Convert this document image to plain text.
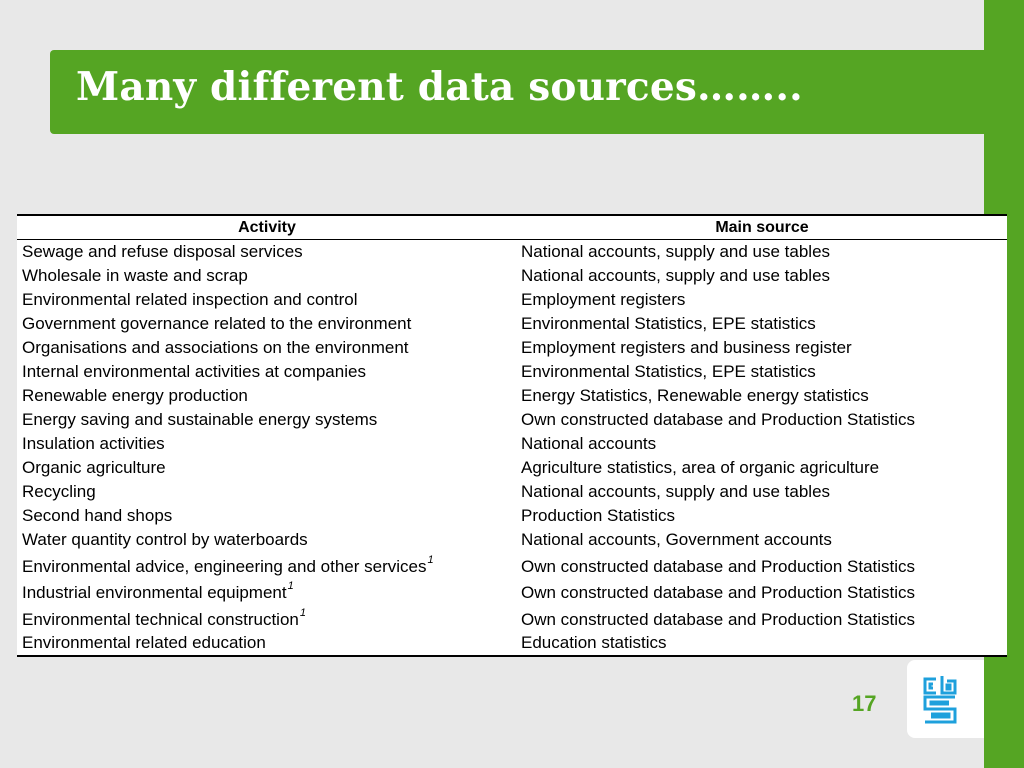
Many different data sources……..
Activity	Main source
Sewage and refuse disposal services	National accounts, supply and use tables
Wholesale in waste and scrap	National accounts, supply and use tables
Environmental related inspection and control	Employment registers
Government governance related to the environment	Environmental Statistics, EPE statistics
Organisations and associations on the environment	Employment registers and business register
Internal environmental activities at companies	Environmental Statistics, EPE statistics
Renewable energy production	Energy Statistics, Renewable energy statistics
Energy saving and sustainable energy systems	Own constructed database and Production Statistics
Insulation activities	National accounts
Organic agriculture	Agriculture statistics, area of organic agriculture
Recycling	National accounts, supply and use tables
Second hand shops	Production Statistics
Water quantity control by waterboards	National accounts, Government accounts
Environmental advice, engineering and other services$^1$	Own constructed database and Production Statistics
Industrial environmental equipment$^1$	Own constructed database and Production Statistics
Environmental technical construction$^1$	Own constructed database and Production Statistics
Environmental related education	Education statistics
17
